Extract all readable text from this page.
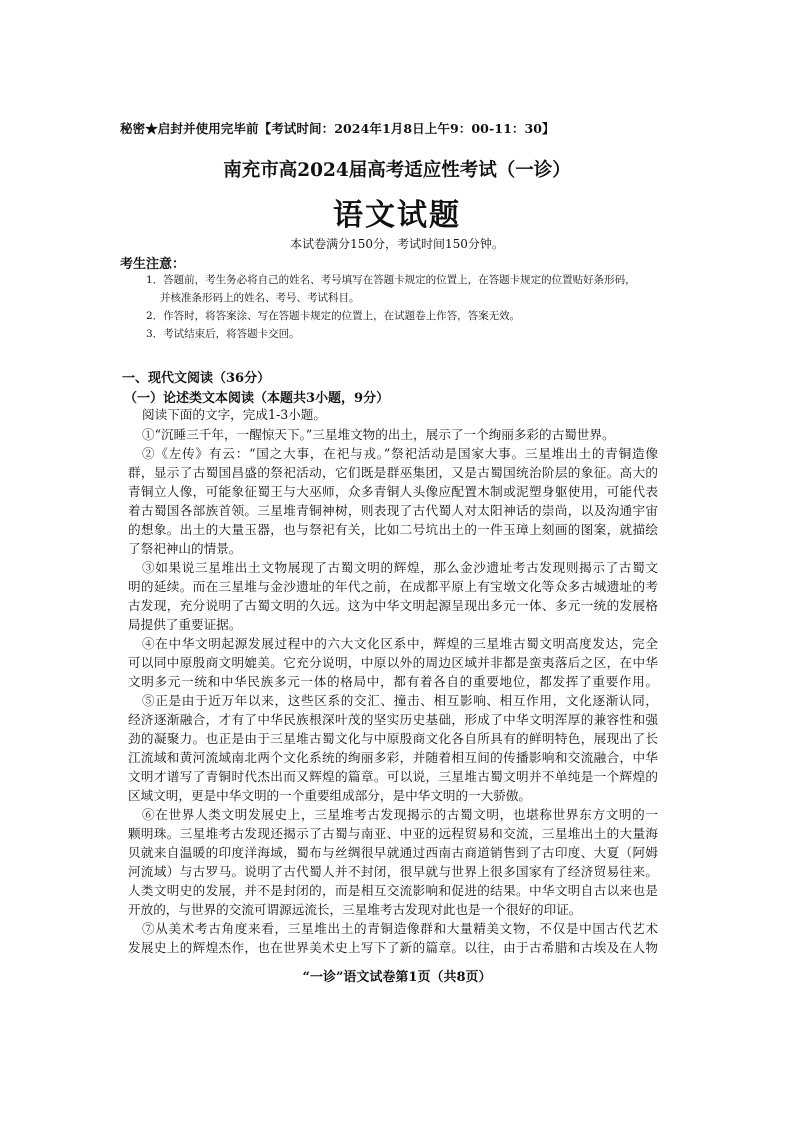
秘密★启封并使用完毕前【考试时间：2024年1月8日上午9：00-11：30】
南充市高2024届高考适应性考试（一诊）
语文试题
本试卷满分150分，考试时间150分钟。
考生注意：
1．答题前，考生务必将自己的姓名、考号填写在答题卡规定的位置上，在答题卡规定的位置贴好条形码，
并核准条形码上的姓名、考号、考试科目。
2．作答时，将答案涂、写在答题卡规定的位置上，在试题卷上作答，答案无效。
3．考试结束后，将答题卡交回。
一、现代文阅读（36分）
（一）论述类文本阅读（本题共3小题，9分）
阅读下面的文字，完成1-3小题。
①“沉睡三千年，一醒惊天下。”三星堆文物的出土，展示了一个绚丽多彩的古蜀世界。
②《左传》有云：“国之大事，在祀与戎。”祭祀活动是国家大事。三星堆出土的青铜造像
群，显示了古蜀国昌盛的祭祀活动，它们既是群巫集团，又是古蜀国统治阶层的象征。高大的
青铜立人像，可能象征蜀王与大巫师，众多青铜人头像应配置木制或泥塑身躯使用，可能代表
着古蜀国各部族首领。三星堆青铜神树，则表现了古代蜀人对太阳神话的崇尚，以及沟通宇宙
的想象。出土的大量玉器，也与祭祀有关，比如二号坑出土的一件玉璋上刻画的图案，就描绘
了祭祀神山的情景。
③如果说三星堆出土文物展现了古蜀文明的辉煌，那么金沙遗址考古发现则揭示了古蜀文
明的延续。而在三星堆与金沙遗址的年代之前，在成都平原上有宝墩文化等众多古城遗址的考
古发现，充分说明了古蜀文明的久远。这为中华文明起源呈现出多元一体、多元一统的发展格
局提供了重要证据。
④在中华文明起源发展过程中的六大文化区系中，辉煌的三星堆古蜀文明高度发达，完全
可以同中原殷商文明媲美。它充分说明，中原以外的周边区域并非都是蛮夷落后之区，在中华
文明多元一统和中华民族多元一体的格局中，都有着各自的重要地位，都发挥了重要作用。
⑤正是由于近万年以来，这些区系的交汇、撞击、相互影响、相互作用，文化逐渐认同，
经济逐渐融合，才有了中华民族根深叶茂的坚实历史基础，形成了中华文明浑厚的兼容性和强
劲的凝聚力。也正是由于三星堆古蜀文化与中原殷商文化各自所具有的鲜明特色，展现出了长
江流域和黄河流域南北两个文化系统的绚丽多彩，并随着相互间的传播影响和交流融合，中华
文明才谱写了青铜时代杰出而又辉煌的篇章。可以说，三星堆古蜀文明并不单纯是一个辉煌的
区域文明，更是中华文明的一个重要组成部分，是中华文明的一大骄傲。
⑥在世界人类文明发展史上，三星堆考古发现揭示的古蜀文明，也堪称世界东方文明的一
颗明珠。三星堆考古发现还揭示了古蜀与南亚、中亚的远程贸易和交流，三星堆出土的大量海
贝就来自温暖的印度洋海域，蜀布与丝绸很早就通过西南古商道销售到了古印度、大夏（阿姆
河流域）与古罗马。说明了古代蜀人并不封闭，很早就与世界上很多国家有了经济贸易往来。
人类文明史的发展，并不是封闭的，而是相互交流影响和促进的结果。中华文明自古以来也是
开放的，与世界的交流可谓源远流长，三星堆考古发现对此也是一个很好的印证。
⑦从美术考古角度来看，三星堆出土的青铜造像群和大量精美文物，不仅是中国古代艺术
发展史上的辉煌杰作，也在世界美术史上写下了新的篇章。以往，由于古希腊和古埃及在人物
“一诊”语文试卷第1页（共8页）
